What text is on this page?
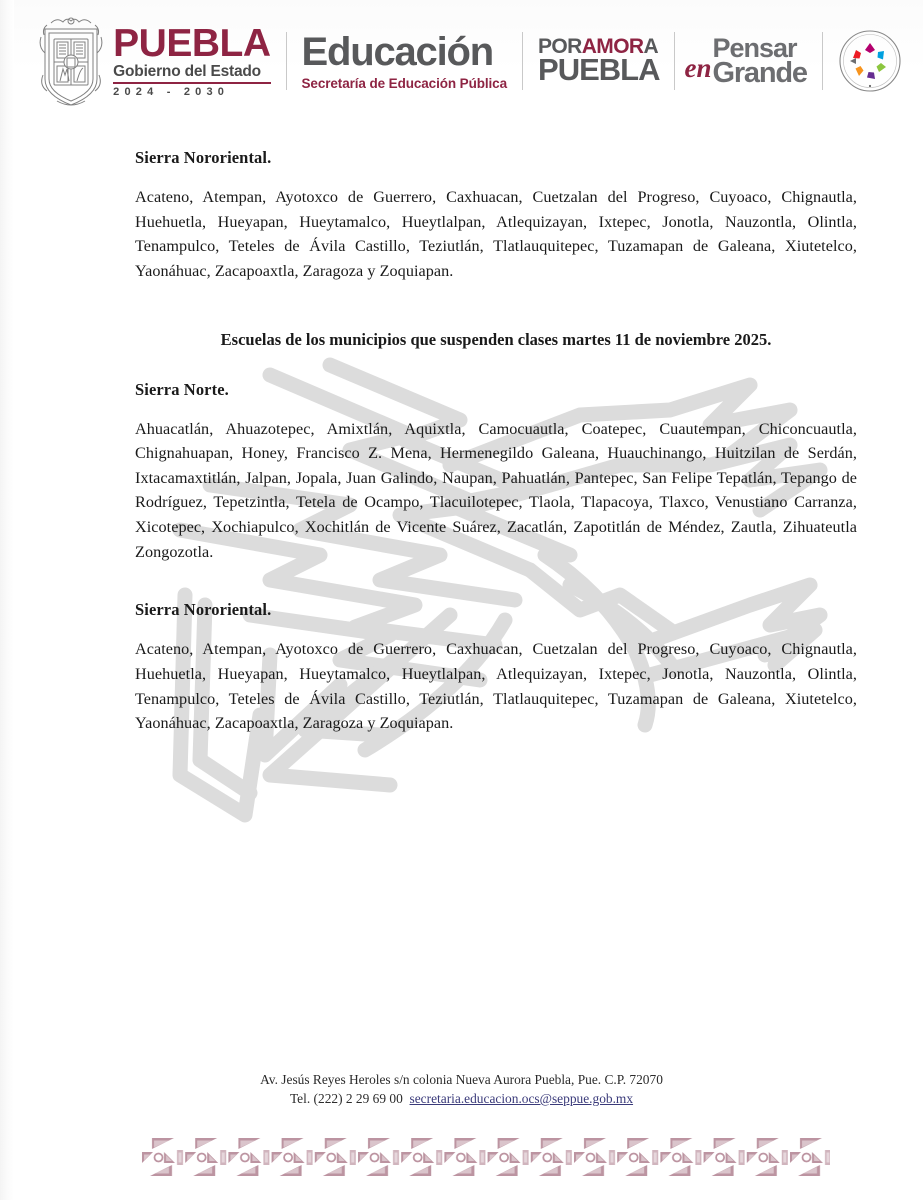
PUEBLA
Gobierno del Estado
2024 - 2030
Educación
Secretaría de Educación Pública
PORAMORA
PUEBLA
Pensar
Grande
en
Sierra Nororiental.

Acateno, Atempan, Ayotoxco de Guerrero, Caxhuacan, Cuetzalan del Progreso, Cuyoaco, Chignautla, Huehuetla, Hueyapan, Hueytamalco, Hueytlalpan, Atlequizayan, Ixtepec, Jonotla, Nauzontla, Olintla, Tenampulco, Teteles de Ávila Castillo, Teziutlán, Tlatlauquitepec, Tuzamapan de Galeana, Xiutetelco, Yaonáhuac, Zacapoaxtla, Zaragoza y Zoquiapan.

Escuelas de los municipios que suspenden clases martes 11 de noviembre 2025.

Sierra Norte.

Ahuacatlán, Ahuazotepec, Amixtlán, Aquixtla, Camocuautla, Coatepec, Cuautempan, Chiconcuautla, Chignahuapan, Honey, Francisco Z. Mena, Hermenegildo Galeana, Huauchinango, Huitzilan de Serdán, Ixtacamaxtitlán, Jalpan, Jopala, Juan Galindo, Naupan, Pahuatlán, Pantepec, San Felipe Tepatlán, Tepango de Rodríguez, Tepetzintla, Tetela de Ocampo, Tlacuilotepec, Tlaola, Tlapacoya, Tlaxco, Venustiano Carranza, Xicotepec, Xochiapulco, Xochitlán de Vicente Suárez, Zacatlán, Zapotitlán de Méndez, Zautla, Zihuateutla Zongozotla.

Sierra Nororiental.

Acateno, Atempan, Ayotoxco de Guerrero, Caxhuacan, Cuetzalan del Progreso, Cuyoaco, Chignautla, Huehuetla, Hueyapan, Hueytamalco, Hueytlalpan, Atlequizayan, Ixtepec, Jonotla, Nauzontla, Olintla, Tenampulco, Teteles de Ávila Castillo, Teziutlán, Tlatlauquitepec, Tuzamapan de Galeana, Xiutetelco, Yaonáhuac, Zacapoaxtla, Zaragoza y Zoquiapan.

Av. Jesús Reyes Heroles s/n colonia Nueva Aurora Puebla, Pue. C.P. 72070
Tel. (222) 2 29 69 00 secretaria.educacion.ocs@seppue.gob.mx
